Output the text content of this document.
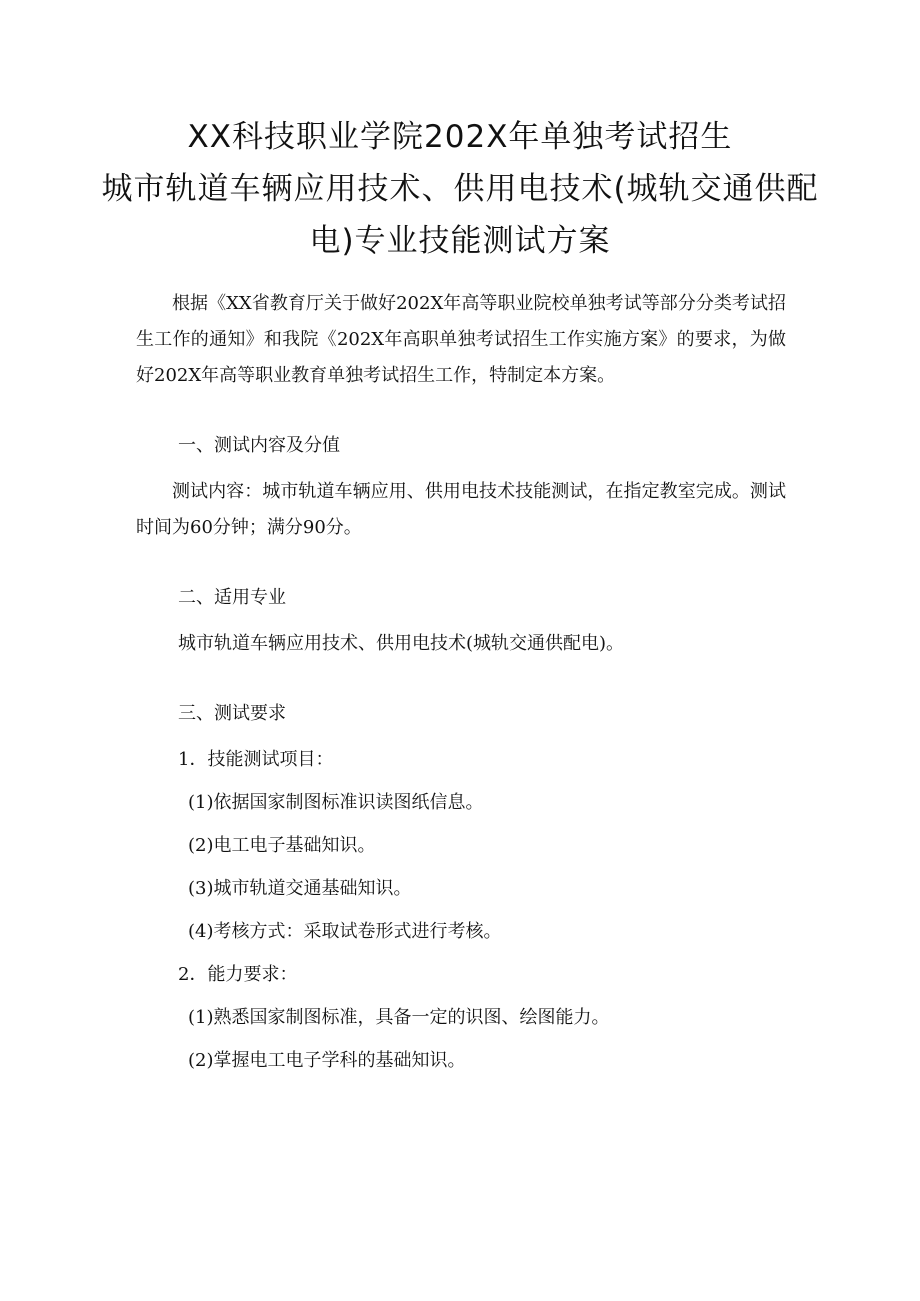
XX科技职业学院202X年单独考试招生
城市轨道车辆应用技术、供用电技术(城轨交通供配
电)专业技能测试方案

根据《XX省教育厅关于做好202X年高等职业院校单独考试等部分分类考试招生工作的通知》和我院《202X年高职单独考试招生工作实施方案》的要求，为做好202X年高等职业教育单独考试招生工作，特制定本方案。

一、测试内容及分值

测试内容：城市轨道车辆应用、供用电技术技能测试，在指定教室完成。测试时间为60分钟；满分90分。

二、适用专业

城市轨道车辆应用技术、供用电技术(城轨交通供配电)。

三、测试要求

1．技能测试项目：

(1)依据国家制图标准识读图纸信息。

(2)电工电子基础知识。

(3)城市轨道交通基础知识。

(4)考核方式：采取试卷形式进行考核。

2．能力要求：

(1)熟悉国家制图标准，具备一定的识图、绘图能力。

(2)掌握电工电子学科的基础知识。
